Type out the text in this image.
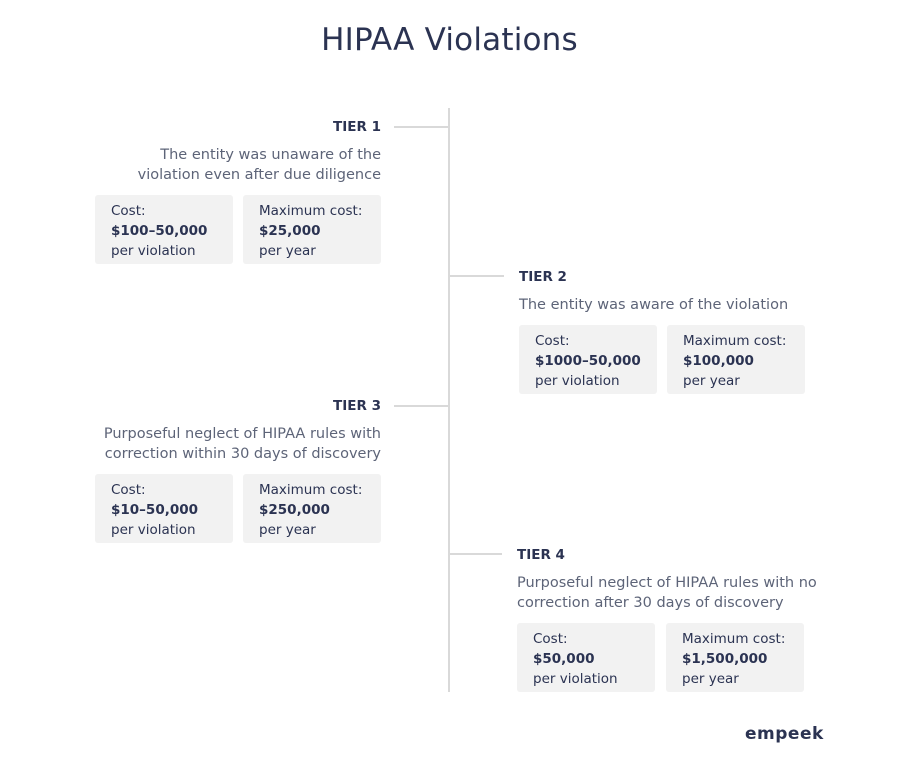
HIPAA Violations
TIER 1
The entity was unaware of the
violation even after due diligence
Cost:
$100–50,000
per violation
Maximum cost:
$25,000
per year
TIER 2
The entity was aware of the violation
Cost:
$1000–50,000
per violation
Maximum cost:
$100,000
per year
TIER 3
Purposeful neglect of HIPAA rules with
correction within 30 days of discovery
Cost:
$10–50,000
per violation
Maximum cost:
$250,000
per year
TIER 4
Purposeful neglect of HIPAA rules with no
correction after 30 days of discovery
Cost:
$50,000
per violation
Maximum cost:
$1,500,000
per year
empeek
